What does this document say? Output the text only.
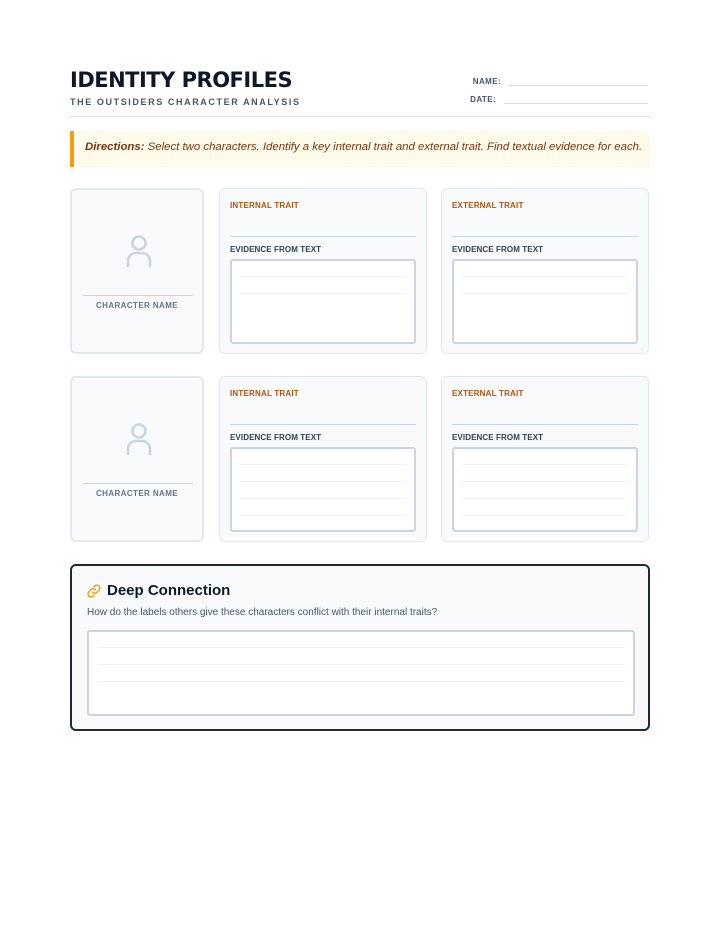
IDENTITY PROFILES
THE OUTSIDERS CHARACTER ANALYSIS
NAME:
DATE:
Directions: Select two characters. Identify a key internal trait and external trait. Find textual evidence for each.
CHARACTER NAME
INTERNAL TRAIT
EVIDENCE FROM TEXT
EXTERNAL TRAIT
EVIDENCE FROM TEXT
CHARACTER NAME
INTERNAL TRAIT
EVIDENCE FROM TEXT
EXTERNAL TRAIT
EVIDENCE FROM TEXT
Deep Connection
How do the labels others give these characters conflict with their internal traits?
